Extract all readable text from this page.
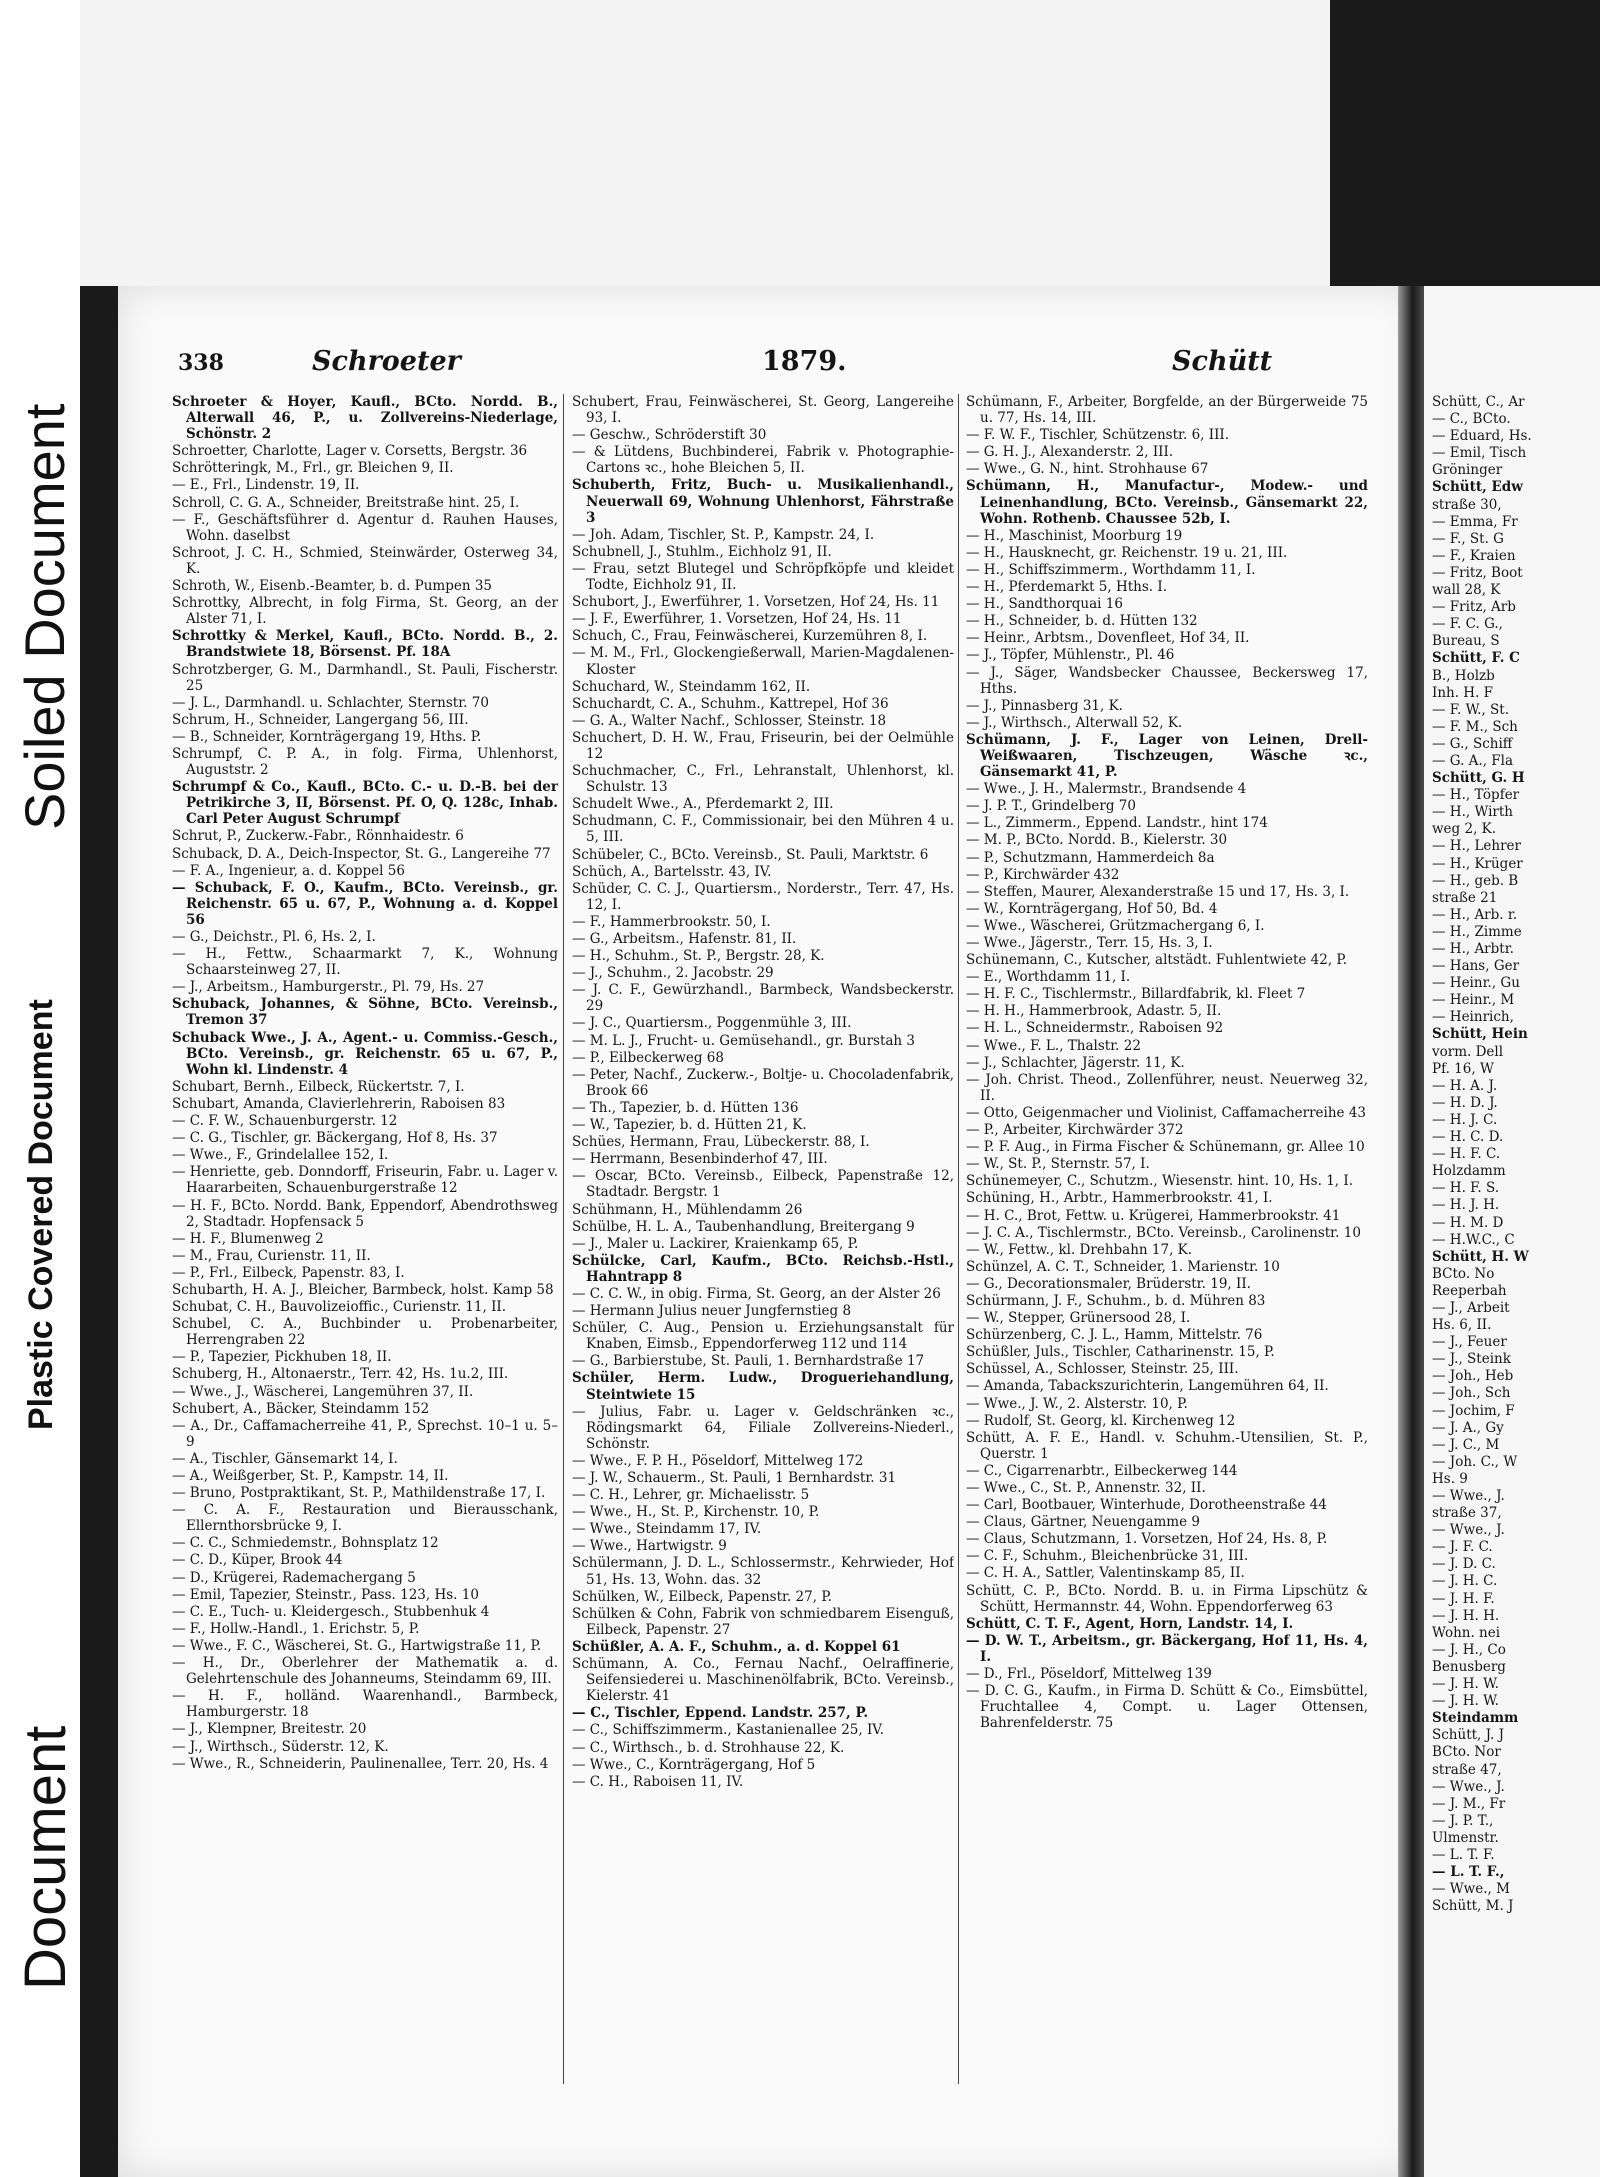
Soiled Document
Plastic Covered Document
Document
338	Schroeter	1879.	Schütt
Schroeter & Hoyer, Kaufl., BCto. Nordd. B., Alterwall 46, P., u. Zollvereins-Niederlage, Schönstr. 2
Schroetter, Charlotte, Lager v. Corsetts, Bergstr. 36
Schrötteringk, M., Frl., gr. Bleichen 9, II.
— E., Frl., Lindenstr. 19, II.
Schroll, C. G. A., Schneider, Breitstraße hint. 25, I.
— F., Geschäftsführer d. Agentur d. Rauhen Hauses, Wohn. daselbst
Schroot, J. C. H., Schmied, Steinwärder, Osterweg 34, K.
Schroth, W., Eisenb.-Beamter, b. d. Pumpen 35
Schrottky, Albrecht, in folg Firma, St. Georg, an der Alster 71, I.
Schrottky & Merkel, Kaufl., BCto. Nordd. B., 2. Brandstwiete 18, Börsenst. Pf. 18A
Schrotzberger, G. M., Darmhandl., St. Pauli, Fischerstr. 25
— J. L., Darmhandl. u. Schlachter, Sternstr. 70
Schrum, H., Schneider, Langergang 56, III.
— B., Schneider, Kornträgergang 19, Hths. P.
Schrumpf, C. P. A., in folg. Firma, Uhlenhorst, Auguststr. 2
Schrumpf & Co., Kaufl., BCto. C.- u. D.-B. bei der Petrikirche 3, II, Börsenst. Pf. O, Q. 128c, Inhab. Carl Peter August Schrumpf
Schrut, P., Zuckerw.-Fabr., Rönnhaidestr. 6
Schuback, D. A., Deich-Inspector, St. G., Langereihe 77
— F. A., Ingenieur, a. d. Koppel 56
— Schuback, F. O., Kaufm., BCto. Vereinsb., gr. Reichenstr. 65 u. 67, P., Wohnung a. d. Koppel 56
— G., Deichstr., Pl. 6, Hs. 2, I.
— H., Fettw., Schaarmarkt 7, K., Wohnung Schaarsteinweg 27, II.
— J., Arbeitsm., Hamburgerstr., Pl. 79, Hs. 27
Schuback, Johannes, & Söhne, BCto. Vereinsb., Tremon 37
Schuback Wwe., J. A., Agent.- u. Commiss.-Gesch., BCto. Vereinsb., gr. Reichenstr. 65 u. 67, P., Wohn kl. Lindenstr. 4
Schubart, Bernh., Eilbeck, Rückertstr. 7, I.
Schubart, Amanda, Clavierlehrerin, Raboisen 83
— C. F. W., Schauenburgerstr. 12
— C. G., Tischler, gr. Bäckergang, Hof 8, Hs. 37
— Wwe., F., Grindelallee 152, I.
— Henriette, geb. Donndorff, Friseurin, Fabr. u. Lager v. Haararbeiten, Schauenburgerstraße 12
— H. F., BCto. Nordd. Bank, Eppendorf, Abendrothsweg 2, Stadtadr. Hopfensack 5
— H. F., Blumenweg 2
— M., Frau, Curienstr. 11, II.
— P., Frl., Eilbeck, Papenstr. 83, I.
Schubarth, H. A. J., Bleicher, Barmbeck, holst. Kamp 58
Schubat, C. H., Bauvolizeioffic., Curienstr. 11, II.
Schubel, C. A., Buchbinder u. Probenarbeiter, Herrengraben 22
— P., Tapezier, Pickhuben 18, II.
Schuberg, H., Altonaerstr., Terr. 42, Hs. 1u.2, III.
— Wwe., J., Wäscherei, Langemühren 37, II.
Schubert, A., Bäcker, Steindamm 152
— A., Dr., Caffamacherreihe 41, P., Sprechst. 10–1 u. 5–9
— A., Tischler, Gänsemarkt 14, I.
— A., Weißgerber, St. P., Kampstr. 14, II.
— Bruno, Postpraktikant, St. P., Mathildenstraße 17, I.
— C. A. F., Restauration und Bierausschank, Ellernthorsbrücke 9, I.
— C. C., Schmiedemstr., Bohnsplatz 12
— C. D., Küper, Brook 44
— D., Krügerei, Rademachergang 5
— Emil, Tapezier, Steinstr., Pass. 123, Hs. 10
— C. E., Tuch- u. Kleidergesch., Stubbenhuk 4
— F., Hollw.-Handl., 1. Erichstr. 5, P.
— Wwe., F. C., Wäscherei, St. G., Hartwigstraße 11, P.
— H., Dr., Oberlehrer der Mathematik a. d. Gelehrtenschule des Johanneums, Steindamm 69, III.
— H. F., holländ. Waarenhandl., Barmbeck, Hamburgerstr. 18
— J., Klempner, Breitestr. 20
— J., Wirthsch., Süderstr. 12, K.
— Wwe., R., Schneiderin, Paulinenallee, Terr. 20, Hs. 4
Schubert, Frau, Feinwäscherei, St. Georg, Langereihe 93, I.
— Geschw., Schröderstift 30
— & Lütdens, Buchbinderei, Fabrik v. Photographie-Cartons ꝛc., hohe Bleichen 5, II.
Schuberth, Fritz, Buch- u. Musikalienhandl., Neuerwall 69, Wohnung Uhlenhorst, Fährstraße 3
— Joh. Adam, Tischler, St. P., Kampstr. 24, I.
Schubnell, J., Stuhlm., Eichholz 91, II.
— Frau, setzt Blutegel und Schröpfköpfe und kleidet Todte, Eichholz 91, II.
Schubort, J., Ewerführer, 1. Vorsetzen, Hof 24, Hs. 11
— J. F., Ewerführer, 1. Vorsetzen, Hof 24, Hs. 11
Schuch, C., Frau, Feinwäscherei, Kurzemühren 8, I.
— M. M., Frl., Glockengießerwall, Marien-Magdalenen-Kloster
Schuchard, W., Steindamm 162, II.
Schuchardt, C. A., Schuhm., Kattrepel, Hof 36
— G. A., Walter Nachf., Schlosser, Steinstr. 18
Schuchert, D. H. W., Frau, Friseurin, bei der Oelmühle 12
Schuchmacher, C., Frl., Lehranstalt, Uhlenhorst, kl. Schulstr. 13
Schudelt Wwe., A., Pferdemarkt 2, III.
Schudmann, C. F., Commissionair, bei den Mühren 4 u. 5, III.
Schübeler, C., BCto. Vereinsb., St. Pauli, Marktstr. 6
Schüch, A., Bartelsstr. 43, IV.
Schüder, C. C. J., Quartiersm., Norderstr., Terr. 47, Hs. 12, I.
— F., Hammerbrookstr. 50, I.
— G., Arbeitsm., Hafenstr. 81, II.
— H., Schuhm., St. P., Bergstr. 28, K.
— J., Schuhm., 2. Jacobstr. 29
— J. C. F., Gewürzhandl., Barmbeck, Wandsbeckerstr. 29
— J. C., Quartiersm., Poggenmühle 3, III.
— M. L. J., Frucht- u. Gemüsehandl., gr. Burstah 3
— P., Eilbeckerweg 68
— Peter, Nachf., Zuckerw.-, Boltje- u. Chocoladenfabrik, Brook 66
— Th., Tapezier, b. d. Hütten 136
— W., Tapezier, b. d. Hütten 21, K.
Schües, Hermann, Frau, Lübeckerstr. 88, I.
— Herrmann, Besenbinderhof 47, III.
— Oscar, BCto. Vereinsb., Eilbeck, Papenstraße 12, Stadtadr. Bergstr. 1
Schühmann, H., Mühlendamm 26
Schülbe, H. L. A., Taubenhandlung, Breitergang 9
— J., Maler u. Lackirer, Kraienkamp 65, P.
Schülcke, Carl, Kaufm., BCto. Reichsb.-Hstl., Hahntrapp 8
— C. C. W., in obig. Firma, St. Georg, an der Alster 26
— Hermann Julius neuer Jungfernstieg 8
Schüler, C. Aug., Pension u. Erziehungsanstalt für Knaben, Eimsb., Eppendorferweg 112 und 114
— G., Barbierstube, St. Pauli, 1. Bernhardstraße 17
Schüler, Herm. Ludw., Drogueriehandlung, Steintwiete 15
— Julius, Fabr. u. Lager v. Geldschränken ꝛc., Rödingsmarkt 64, Filiale Zollvereins-Niederl., Schönstr.
— Wwe., F. P. H., Pöseldorf, Mittelweg 172
— J. W., Schauerm., St. Pauli, 1 Bernhardstr. 31
— C. H., Lehrer, gr. Michaelisstr. 5
— Wwe., H., St. P., Kirchenstr. 10, P.
— Wwe., Steindamm 17, IV.
— Wwe., Hartwigstr. 9
Schülermann, J. D. L., Schlossermstr., Kehrwieder, Hof 51, Hs. 13, Wohn. das. 32
Schülken, W., Eilbeck, Papenstr. 27, P.
Schülken & Cohn, Fabrik von schmiedbarem Eisenguß, Eilbeck, Papenstr. 27
Schüßler, A. A. F., Schuhm., a. d. Koppel 61
Schümann, A. Co., Fernau Nachf., Oelraffinerie, Seifensiederei u. Maschinenölfabrik, BCto. Vereinsb., Kielerstr. 41
— C., Tischler, Eppend. Landstr. 257, P.
— C., Schiffszimmerm., Kastanienallee 25, IV.
— C., Wirthsch., b. d. Strohhause 22, K.
— Wwe., C., Kornträgergang, Hof 5
— C. H., Raboisen 11, IV.
Schümann, F., Arbeiter, Borgfelde, an der Bürgerweide 75 u. 77, Hs. 14, III.
— F. W. F., Tischler, Schützenstr. 6, III.
— G. H. J., Alexanderstr. 2, III.
— Wwe., G. N., hint. Strohhause 67
Schümann, H., Manufactur-, Modew.- und Leinenhandlung, BCto. Vereinsb., Gänsemarkt 22, Wohn. Rothenb. Chaussee 52b, I.
— H., Maschinist, Moorburg 19
— H., Hausknecht, gr. Reichenstr. 19 u. 21, III.
— H., Schiffszimmerm., Worthdamm 11, I.
— H., Pferdemarkt 5, Hths. I.
— H., Sandthorquai 16
— H., Schneider, b. d. Hütten 132
— Heinr., Arbtsm., Dovenfleet, Hof 34, II.
— J., Töpfer, Mühlenstr., Pl. 46
— J., Säger, Wandsbecker Chaussee, Beckersweg 17, Hths.
— J., Pinnasberg 31, K.
— J., Wirthsch., Alterwall 52, K.
Schümann, J. F., Lager von Leinen, Drell-Weißwaaren, Tischzeugen, Wäsche ꝛc., Gänsemarkt 41, P.
— Wwe., J. H., Malermstr., Brandsende 4
— J. P. T., Grindelberg 70
— L., Zimmerm., Eppend. Landstr., hint 174
— M. P., BCto. Nordd. B., Kielerstr. 30
— P., Schutzmann, Hammerdeich 8a
— P., Kirchwärder 432
— Steffen, Maurer, Alexanderstraße 15 und 17, Hs. 3, I.
— W., Kornträgergang, Hof 50, Bd. 4
— Wwe., Wäscherei, Grützmachergang 6, I.
— Wwe., Jägerstr., Terr. 15, Hs. 3, I.
Schünemann, C., Kutscher, altstädt. Fuhlentwiete 42, P.
— E., Worthdamm 11, I.
— H. F. C., Tischlermstr., Billardfabrik, kl. Fleet 7
— H. H., Hammerbrook, Adastr. 5, II.
— H. L., Schneidermstr., Raboisen 92
— Wwe., F. L., Thalstr. 22
— J., Schlachter, Jägerstr. 11, K.
— Joh. Christ. Theod., Zollenführer, neust. Neuerweg 32, II.
— Otto, Geigenmacher und Violinist, Caffamacherreihe 43
— P., Arbeiter, Kirchwärder 372
— P. F. Aug., in Firma Fischer & Schünemann, gr. Allee 10
— W., St. P., Sternstr. 57, I.
Schünemeyer, C., Schutzm., Wiesenstr. hint. 10, Hs. 1, I.
Schüning, H., Arbtr., Hammerbrookstr. 41, I.
— H. C., Brot, Fettw. u. Krügerei, Hammerbrookstr. 41
— J. C. A., Tischlermstr., BCto. Vereinsb., Carolinenstr. 10
— W., Fettw., kl. Drehbahn 17, K.
Schünzel, A. C. T., Schneider, 1. Marienstr. 10
— G., Decorationsmaler, Brüderstr. 19, II.
Schürmann, J. F., Schuhm., b. d. Mühren 83
— W., Stepper, Grünersood 28, I.
Schürzenberg, C. J. L., Hamm, Mittelstr. 76
Schüßler, Juls., Tischler, Catharinenstr. 15, P.
Schüssel, A., Schlosser, Steinstr. 25, III.
— Amanda, Tabackszurichterin, Langemühren 64, II.
— Wwe., J. W., 2. Alsterstr. 10, P.
— Rudolf, St. Georg, kl. Kirchenweg 12
Schütt, A. F. E., Handl. v. Schuhm.-Utensilien, St. P., Querstr. 1
— C., Cigarrenarbtr., Eilbeckerweg 144
— Wwe., C., St. P., Annenstr. 32, II.
— Carl, Bootbauer, Winterhude, Dorotheenstraße 44
— Claus, Gärtner, Neuengamme 9
— Claus, Schutzmann, 1. Vorsetzen, Hof 24, Hs. 8, P.
— C. F., Schuhm., Bleichenbrücke 31, III.
— C. H. A., Sattler, Valentinskamp 85, II.
Schütt, C. P., BCto. Nordd. B. u. in Firma Lipschütz & Schütt, Hermannstr. 44, Wohn. Eppendorferweg 63
Schütt, C. T. F., Agent, Horn, Landstr. 14, I.
— D. W. T., Arbeitsm., gr. Bäckergang, Hof 11, Hs. 4, I.
— D., Frl., Pöseldorf, Mittelweg 139
— D. C. G., Kaufm., in Firma D. Schütt & Co., Eimsbüttel, Fruchtallee 4, Compt. u. Lager Ottensen, Bahrenfelderstr. 75
Schütt, C., Ar
— C., BCto.
— Eduard, Hs.
— Emil, Tisch
Gröninger
Schütt, Edw
straße 30,
— Emma, Fr
— F., St. G
— F., Kraien
— Fritz, Boot
wall 28, K
— Fritz, Arb
— F. C. G.,
Bureau, S
Schütt, F. C
B., Holzb
Inh. H. F
— F. W., St.
— F. M., Sch
— G., Schiff
— G. A., Fla
Schütt, G. H
— H., Töpfer
— H., Wirth
weg 2, K.
— H., Lehrer
— H., Krüger
— H., geb. B
straße 21
— H., Arb. r.
— H., Zimme
— H., Arbtr.
— Hans, Ger
— Heinr., Gu
— Heinr., M
— Heinrich,
Schütt, Hein
vorm. Dell
Pf. 16, W
— H. A. J.
— H. D. J.
— H. J. C.
— H. C. D.
— H. F. C.
Holzdamm
— H. F. S.
— H. J. H.
— H. M. D
— H.W.C., C
Schütt, H. W
BCto. No
Reeperbah
— J., Arbeit
Hs. 6, II.
— J., Feuer
— J., Steink
— Joh., Heb
— Joh., Sch
— Jochim, F
— J. A., Gy
— J. C., M
— Joh. C., W
Hs. 9
— Wwe., J.
straße 37,
— Wwe., J.
— J. F. C.
— J. D. C.
— J. H. C.
— J. H. F.
— J. H. H.
Wohn. nei
— J. H., Co
Benusberg
— J. H. W.
— J. H. W.
Steindamm
Schütt, J. J
BCto. Nor
straße 47,
— Wwe., J.
— J. M., Fr
— J. P. T.,
Ulmenstr.
— L. T. F.
— L. T. F.,
— Wwe., M
Schütt, M. J
